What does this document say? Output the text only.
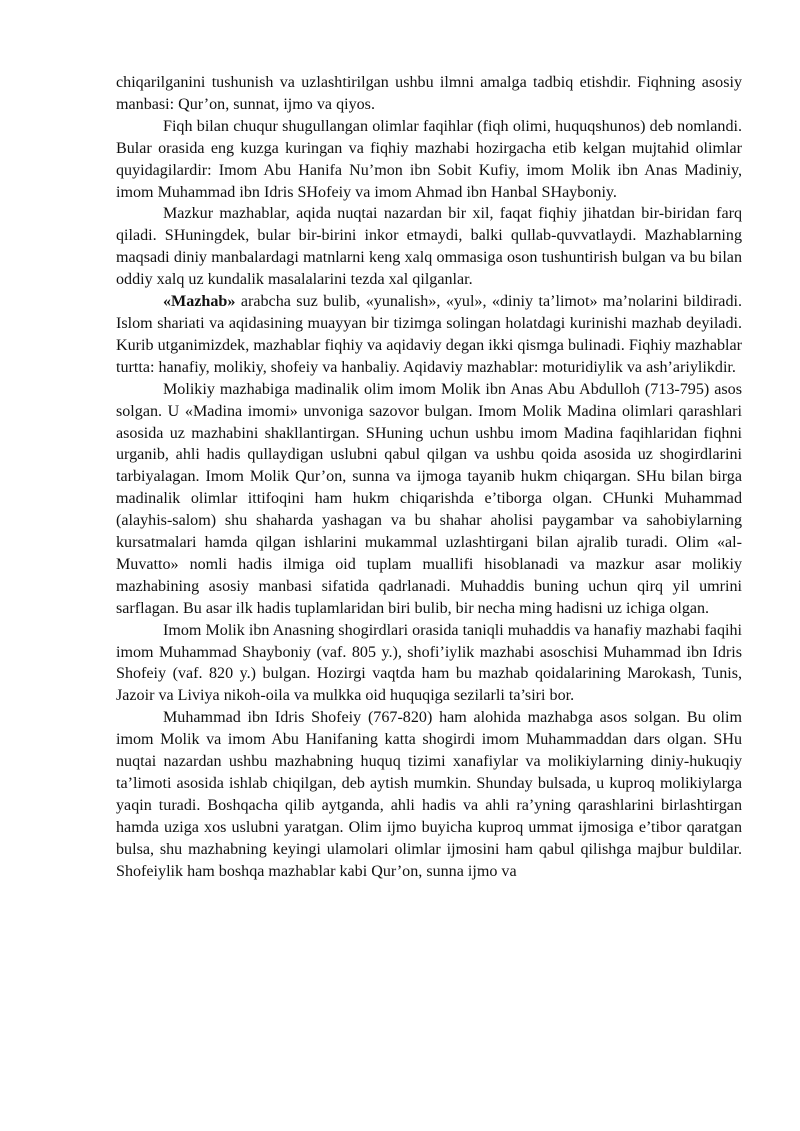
chiqarilganini tushunish va uzlashtirilgan ushbu ilmni amalga tadbiq etishdir. Fiqhning asosiy manbasi: Qur’on, sunnat, ijmo va qiyos.

Fiqh bilan chuqur shugullangan olimlar faqihlar (fiqh olimi, huquqshunos) deb nomlandi. Bular orasida eng kuzga kuringan va fiqhiy mazhabi hozirgacha etib kelgan mujtahid olimlar quyidagilardir: Imom Abu Hanifa Nu’mon ibn Sobit Kufiy, imom Molik ibn Anas Madiniy, imom Muhammad ibn Idris SHofeiy va imom Ahmad ibn Hanbal SHayboniy.

Mazkur mazhablar, aqida nuqtai nazardan bir xil, faqat fiqhiy jihatdan bir-biridan farq qiladi. SHuningdek, bular bir-birini inkor etmaydi, balki qullab-quvvatlaydi. Mazhablarning maqsadi diniy manbalardagi matnlarni keng xalq ommasiga oson tushuntirish bulgan va bu bilan oddiy xalq uz kundalik masalalarini tezda xal qilganlar.

«Mazhab» arabcha suz bulib, «yunalish», «yul», «diniy ta’limot» ma’nolarini bildiradi. Islom shariati va aqidasining muayyan bir tizimga solingan holatdagi kurinishi mazhab deyiladi. Kurib utganimizdek, mazhablar fiqhiy va aqidaviy degan ikki qismga bulinadi. Fiqhiy mazhablar turtta: hanafiy, molikiy, shofeiy va hanbaliy. Aqidaviy mazhablar: moturidiylik va ash’ariylikdir.

Molikiy mazhabiga madinalik olim imom Molik ibn Anas Abu Abdulloh (713-795) asos solgan. U «Madina imomi» unvoniga sazovor bulgan. Imom Molik Madina olimlari qarashlari asosida uz mazhabini shakllantirgan. SHuning uchun ushbu imom Madina faqihlaridan fiqhni urganib, ahli hadis qullaydigan uslubni qabul qilgan va ushbu qoida asosida uz shogirdlarini tarbiyalagan. Imom Molik Qur’on, sunna va ijmoga tayanib hukm chiqargan. SHu bilan birga madinalik olimlar ittifoqini ham hukm chiqarishda e’tiborga olgan. CHunki Muhammad (alayhis-salom) shu shaharda yashagan va bu shahar aholisi paygambar va sahobiylarning kursatmalari hamda qilgan ishlarini mukammal uzlashtirgani bilan ajralib turadi. Olim «al-Muvatto» nomli hadis ilmiga oid tuplam muallifi hisoblanadi va mazkur asar molikiy mazhabining asosiy manbasi sifatida qadrlanadi. Muhaddis buning uchun qirq yil umrini sarflagan. Bu asar ilk hadis tuplamlaridan biri bulib, bir necha ming hadisni uz ichiga olgan.

Imom Molik ibn Anasning shogirdlari orasida taniqli muhaddis va hanafiy mazhabi faqihi imom Muhammad Shayboniy (vaf. 805 y.), shofi’iylik mazhabi asoschisi Muhammad ibn Idris Shofeiy (vaf. 820 y.) bulgan. Hozirgi vaqtda ham bu mazhab qoidalarining Marokash, Tunis, Jazoir va Liviya nikoh-oila va mulkka oid huquqiga sezilarli ta’siri bor.

Muhammad ibn Idris Shofeiy (767-820) ham alohida mazhabga asos solgan. Bu olim imom Molik va imom Abu Hanifaning katta shogirdi imom Muhammaddan dars olgan. SHu nuqtai nazardan ushbu mazhabning huquq tizimi xanafiylar va molikiylarning diniy-hukuqiy ta’limoti asosida ishlab chiqilgan, deb aytish mumkin. Shunday bulsada, u kuproq molikiylarga yaqin turadi. Boshqacha qilib aytganda, ahli hadis va ahli ra’yning qarashlarini birlashtirgan hamda uziga xos uslubni yaratgan. Olim ijmo buyicha kuproq ummat ijmosiga e’tibor qaratgan bulsa, shu mazhabning keyingi ulamolari olimlar ijmosini ham qabul qilishga majbur buldilar. Shofeiylik ham boshqa mazhablar kabi Qur’on, sunna ijmo va
